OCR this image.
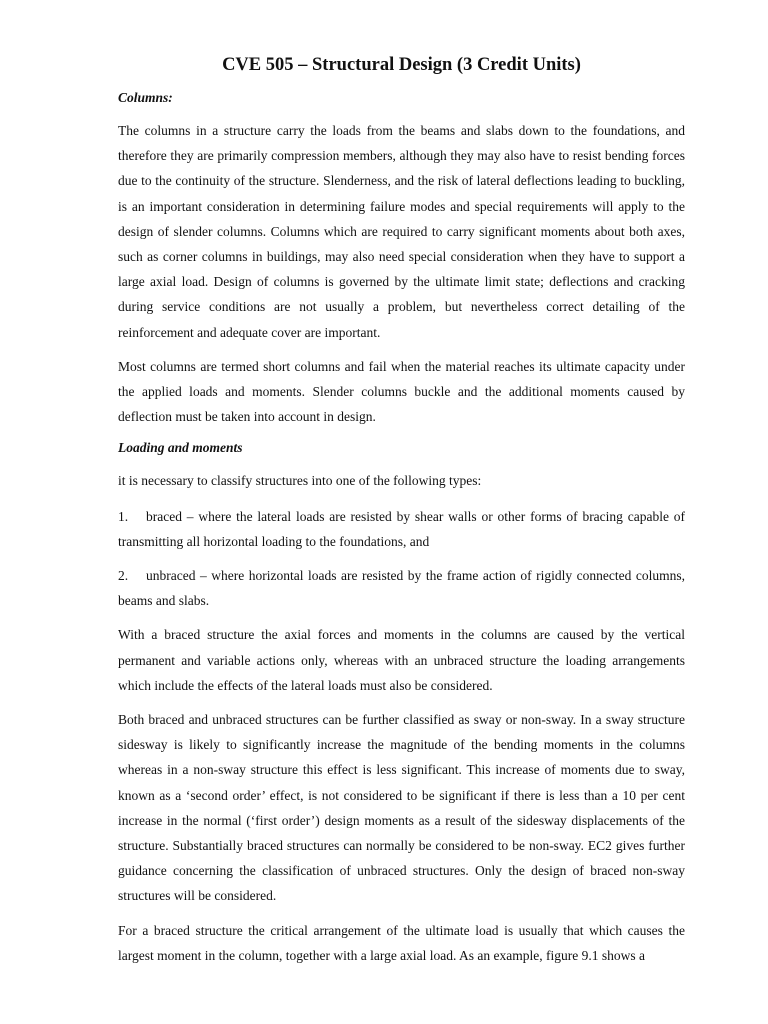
CVE 505 – Structural Design (3 Credit Units)
Columns:

The columns in a structure carry the loads from the beams and slabs down to the foundations, and therefore they are primarily compression members, although they may also have to resist bending forces due to the continuity of the structure. Slenderness, and the risk of lateral deflections leading to buckling, is an important consideration in determining failure modes and special requirements will apply to the design of slender columns. Columns which are required to carry significant moments about both axes, such as corner columns in buildings, may also need special consideration when they have to support a large axial load. Design of columns is governed by the ultimate limit state; deflections and cracking during service conditions are not usually a problem, but nevertheless correct detailing of the reinforcement and adequate cover are important.

Most columns are termed short columns and fail when the material reaches its ultimate capacity under the applied loads and moments. Slender columns buckle and the additional moments caused by deflection must be taken into account in design.

Loading and moments

it is necessary to classify structures into one of the following types:

1. braced – where the lateral loads are resisted by shear walls or other forms of bracing capable of transmitting all horizontal loading to the foundations, and

2. unbraced – where horizontal loads are resisted by the frame action of rigidly connected columns, beams and slabs.

With a braced structure the axial forces and moments in the columns are caused by the vertical permanent and variable actions only, whereas with an unbraced structure the loading arrangements which include the effects of the lateral loads must also be considered.

Both braced and unbraced structures can be further classified as sway or non-sway. In a sway structure sidesway is likely to significantly increase the magnitude of the bending moments in the columns whereas in a non-sway structure this effect is less significant. This increase of moments due to sway, known as a ‘second order’ effect, is not considered to be significant if there is less than a 10 per cent increase in the normal (‘first order’) design moments as a result of the sidesway displacements of the structure. Substantially braced structures can normally be considered to be non-sway. EC2 gives further guidance concerning the classification of unbraced structures. Only the design of braced non-sway structures will be considered.

For a braced structure the critical arrangement of the ultimate load is usually that which causes the largest moment in the column, together with a large axial load. As an example, figure 9.1 shows a
